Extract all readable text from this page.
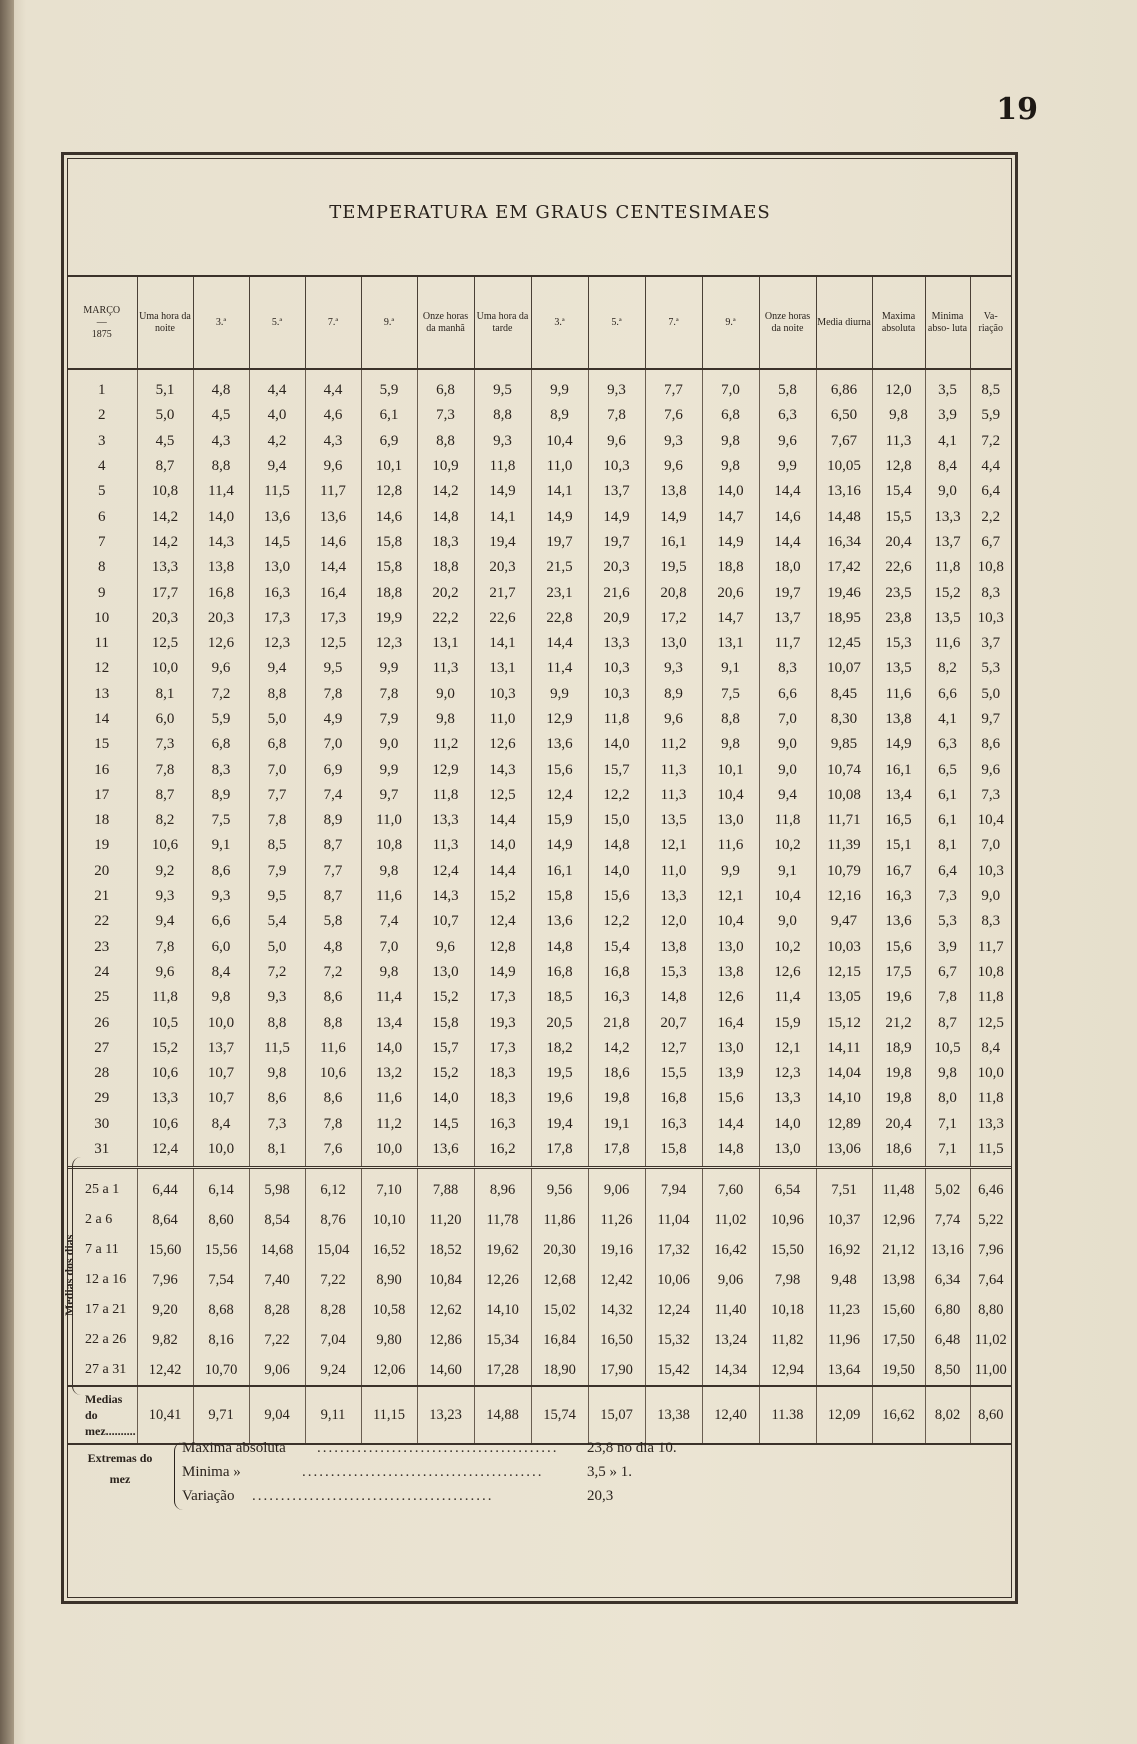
19
TEMPERATURA EM GRAUS CENTESIMAES
MARÇO
—
1875	Uma hora da noite	3.ª	5.ª	7.ª	9.ª	Onze horas da manhã	Uma hora da tarde	3.ª	5.ª	7.ª	9.ª	Onze horas da noite	Media diurna	Maxima absoluta	Minima abso- luta	Va- riação
1	5,1	4,8	4,4	4,4	5,9	6,8	9,5	9,9	9,3	7,7	7,0	5,8	6,86	12,0	3,5	8,5
2	5,0	4,5	4,0	4,6	6,1	7,3	8,8	8,9	7,8	7,6	6,8	6,3	6,50	9,8	3,9	5,9
3	4,5	4,3	4,2	4,3	6,9	8,8	9,3	10,4	9,6	9,3	9,8	9,6	7,67	11,3	4,1	7,2
4	8,7	8,8	9,4	9,6	10,1	10,9	11,8	11,0	10,3	9,6	9,8	9,9	10,05	12,8	8,4	4,4
5	10,8	11,4	11,5	11,7	12,8	14,2	14,9	14,1	13,7	13,8	14,0	14,4	13,16	15,4	9,0	6,4
6	14,2	14,0	13,6	13,6	14,6	14,8	14,1	14,9	14,9	14,9	14,7	14,6	14,48	15,5	13,3	2,2
7	14,2	14,3	14,5	14,6	15,8	18,3	19,4	19,7	19,7	16,1	14,9	14,4	16,34	20,4	13,7	6,7
8	13,3	13,8	13,0	14,4	15,8	18,8	20,3	21,5	20,3	19,5	18,8	18,0	17,42	22,6	11,8	10,8
9	17,7	16,8	16,3	16,4	18,8	20,2	21,7	23,1	21,6	20,8	20,6	19,7	19,46	23,5	15,2	8,3
10	20,3	20,3	17,3	17,3	19,9	22,2	22,6	22,8	20,9	17,2	14,7	13,7	18,95	23,8	13,5	10,3
11	12,5	12,6	12,3	12,5	12,3	13,1	14,1	14,4	13,3	13,0	13,1	11,7	12,45	15,3	11,6	3,7
12	10,0	9,6	9,4	9,5	9,9	11,3	13,1	11,4	10,3	9,3	9,1	8,3	10,07	13,5	8,2	5,3
13	8,1	7,2	8,8	7,8	7,8	9,0	10,3	9,9	10,3	8,9	7,5	6,6	8,45	11,6	6,6	5,0
14	6,0	5,9	5,0	4,9	7,9	9,8	11,0	12,9	11,8	9,6	8,8	7,0	8,30	13,8	4,1	9,7
15	7,3	6,8	6,8	7,0	9,0	11,2	12,6	13,6	14,0	11,2	9,8	9,0	9,85	14,9	6,3	8,6
16	7,8	8,3	7,0	6,9	9,9	12,9	14,3	15,6	15,7	11,3	10,1	9,0	10,74	16,1	6,5	9,6
17	8,7	8,9	7,7	7,4	9,7	11,8	12,5	12,4	12,2	11,3	10,4	9,4	10,08	13,4	6,1	7,3
18	8,2	7,5	7,8	8,9	11,0	13,3	14,4	15,9	15,0	13,5	13,0	11,8	11,71	16,5	6,1	10,4
19	10,6	9,1	8,5	8,7	10,8	11,3	14,0	14,9	14,8	12,1	11,6	10,2	11,39	15,1	8,1	7,0
20	9,2	8,6	7,9	7,7	9,8	12,4	14,4	16,1	14,0	11,0	9,9	9,1	10,79	16,7	6,4	10,3
21	9,3	9,3	9,5	8,7	11,6	14,3	15,2	15,8	15,6	13,3	12,1	10,4	12,16	16,3	7,3	9,0
22	9,4	6,6	5,4	5,8	7,4	10,7	12,4	13,6	12,2	12,0	10,4	9,0	9,47	13,6	5,3	8,3
23	7,8	6,0	5,0	4,8	7,0	9,6	12,8	14,8	15,4	13,8	13,0	10,2	10,03	15,6	3,9	11,7
24	9,6	8,4	7,2	7,2	9,8	13,0	14,9	16,8	16,8	15,3	13,8	12,6	12,15	17,5	6,7	10,8
25	11,8	9,8	9,3	8,6	11,4	15,2	17,3	18,5	16,3	14,8	12,6	11,4	13,05	19,6	7,8	11,8
26	10,5	10,0	8,8	8,8	13,4	15,8	19,3	20,5	21,8	20,7	16,4	15,9	15,12	21,2	8,7	12,5
27	15,2	13,7	11,5	11,6	14,0	15,7	17,3	18,2	14,2	12,7	13,0	12,1	14,11	18,9	10,5	8,4
28	10,6	10,7	9,8	10,6	13,2	15,2	18,3	19,5	18,6	15,5	13,9	12,3	14,04	19,8	9,8	10,0
29	13,3	10,7	8,6	8,6	11,6	14,0	18,3	19,6	19,8	16,8	15,6	13,3	14,10	19,8	8,0	11,8
30	10,6	8,4	7,3	7,8	11,2	14,5	16,3	19,4	19,1	16,3	14,4	14,0	12,89	20,4	7,1	13,3
31	12,4	10,0	8,1	7,6	10,0	13,6	16,2	17,8	17,8	15,8	14,8	13,0	13,06	18,6	7,1	11,5
25 a 1	6,44	6,14	5,98	6,12	7,10	7,88	8,96	9,56	9,06	7,94	7,60	6,54	7,51	11,48	5,02	6,46
2 a 6	8,64	8,60	8,54	8,76	10,10	11,20	11,78	11,86	11,26	11,04	11,02	10,96	10,37	12,96	7,74	5,22
7 a 11	15,60	15,56	14,68	15,04	16,52	18,52	19,62	20,30	19,16	17,32	16,42	15,50	16,92	21,12	13,16	7,96
12 a 16	7,96	7,54	7,40	7,22	8,90	10,84	12,26	12,68	12,42	10,06	9,06	7,98	9,48	13,98	6,34	7,64
17 a 21	9,20	8,68	8,28	8,28	10,58	12,62	14,10	15,02	14,32	12,24	11,40	10,18	11,23	15,60	6,80	8,80
22 a 26	9,82	8,16	7,22	7,04	9,80	12,86	15,34	16,84	16,50	15,32	13,24	11,82	11,96	17,50	6,48	11,02
27 a 31	12,42	10,70	9,06	9,24	12,06	14,60	17,28	18,90	17,90	15,42	14,34	12,94	13,64	19,50	8,50	11,00
Medias do mez..........	10,41	9,71	9,04	9,11	11,15	13,23	14,88	15,74	15,07	13,38	12,40	11.38	12,09	16,62	8,02	8,60
Medias dos dias
Extremas do mez
Maxima absoluta ..........................................	23,8 no dia 10.
Minima »	..........................................	3,5 » 1.
Variação ..........................................	20,3
